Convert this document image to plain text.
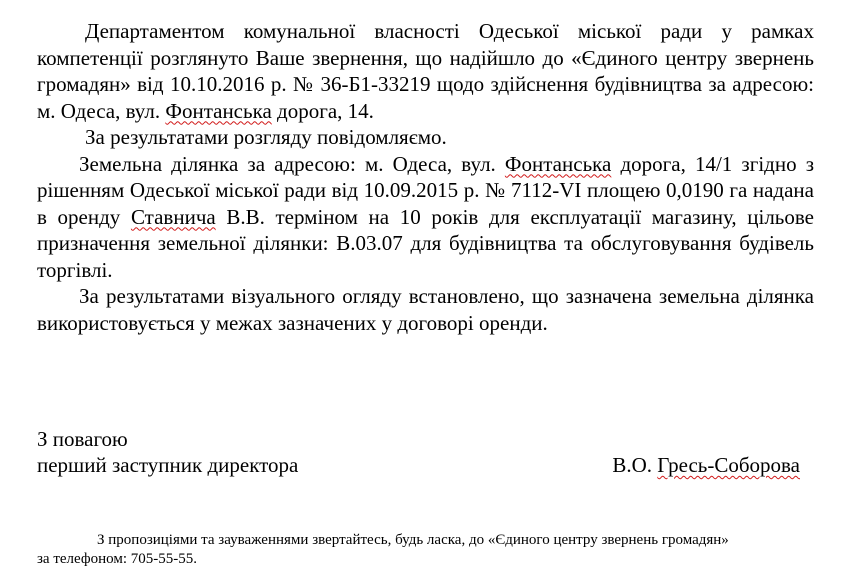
Департаментом комунальної власності Одеської міської ради у рамках компетенції розглянуто Ваше звернення, що надійшло до «Єдиного центру звернень громадян» від 10.10.2016 р. № 36-Б1-33219 щодо здійснення будівництва за адресою: м. Одеса, вул. Фонтанська дорога, 14.

За результатами розгляду повідомляємо.

Земельна ділянка за адресою: м. Одеса, вул. Фонтанська дорога, 14/1 згідно з рішенням Одеської міської ради від 10.09.2015 р. № 7112-VI площею 0,0190 га надана в оренду Ставнича В.В. терміном на 10 років для експлуатації магазину, цільове призначення земельної ділянки: В.03.07 для будівництва та обслуговування будівель торгівлі.

За результатами візуального огляду встановлено, що зазначена земельна ділянка використовується у межах зазначених у договорі оренди.

З повагою
перший заступник директора	В.О. Гресь-Соборова
З пропозиціями та зауваженнями звертайтесь, будь ласка, до «Єдиного центру звернень громадян»
за телефоном: 705-55-55.
